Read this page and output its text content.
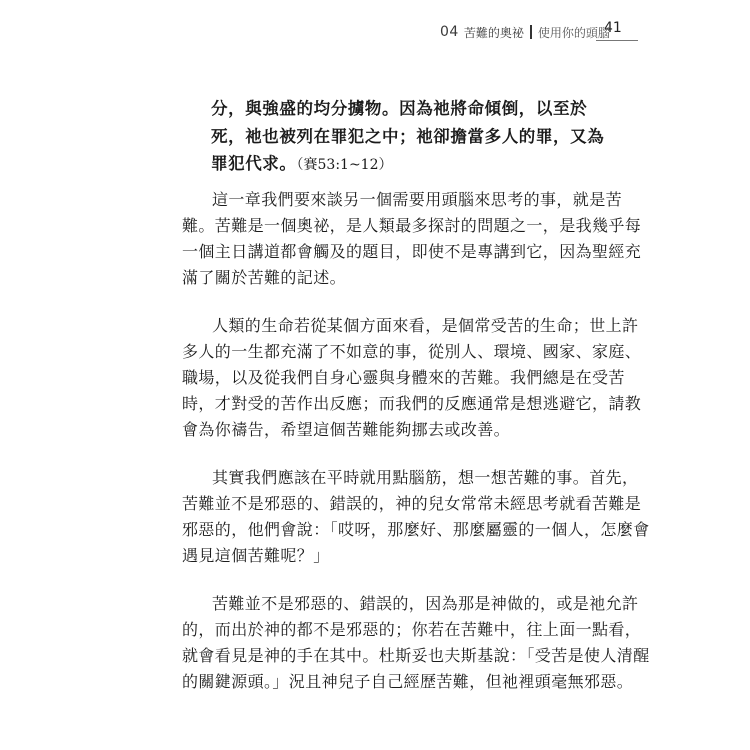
04 苦難的奧祕 使用你的頭腦
41
分，與強盛的均分擄物。因為祂將命傾倒，以至於
死，祂也被列在罪犯之中；祂卻擔當多人的罪，又為
罪犯代求。（賽53:1~12）
這一章我們要來談另一個需要用頭腦來思考的事，就是苦
難。苦難是一個奧祕，是人類最多探討的問題之一，是我幾乎每
一個主日講道都會觸及的題目，即使不是專講到它，因為聖經充
滿了關於苦難的記述。
人類的生命若從某個方面來看，是個常受苦的生命；世上許
多人的一生都充滿了不如意的事，從別人、環境、國家、家庭、
職場，以及從我們自身心靈與身體來的苦難。我們總是在受苦
時，才對受的苦作出反應；而我們的反應通常是想逃避它，請教
會為你禱告，希望這個苦難能夠挪去或改善。
其實我們應該在平時就用點腦筋，想一想苦難的事。首先，
苦難並不是邪惡的、錯誤的，神的兒女常常未經思考就看苦難是
邪惡的，他們會說：「哎呀，那麼好、那麼屬靈的一個人，怎麼會
遇見這個苦難呢？」
苦難並不是邪惡的、錯誤的，因為那是神做的，或是祂允許
的，而出於神的都不是邪惡的；你若在苦難中，往上面一點看，
就會看見是神的手在其中。杜斯妥也夫斯基說：「受苦是使人清醒
的關鍵源頭。」況且神兒子自己經歷苦難，但祂裡頭毫無邪惡。
